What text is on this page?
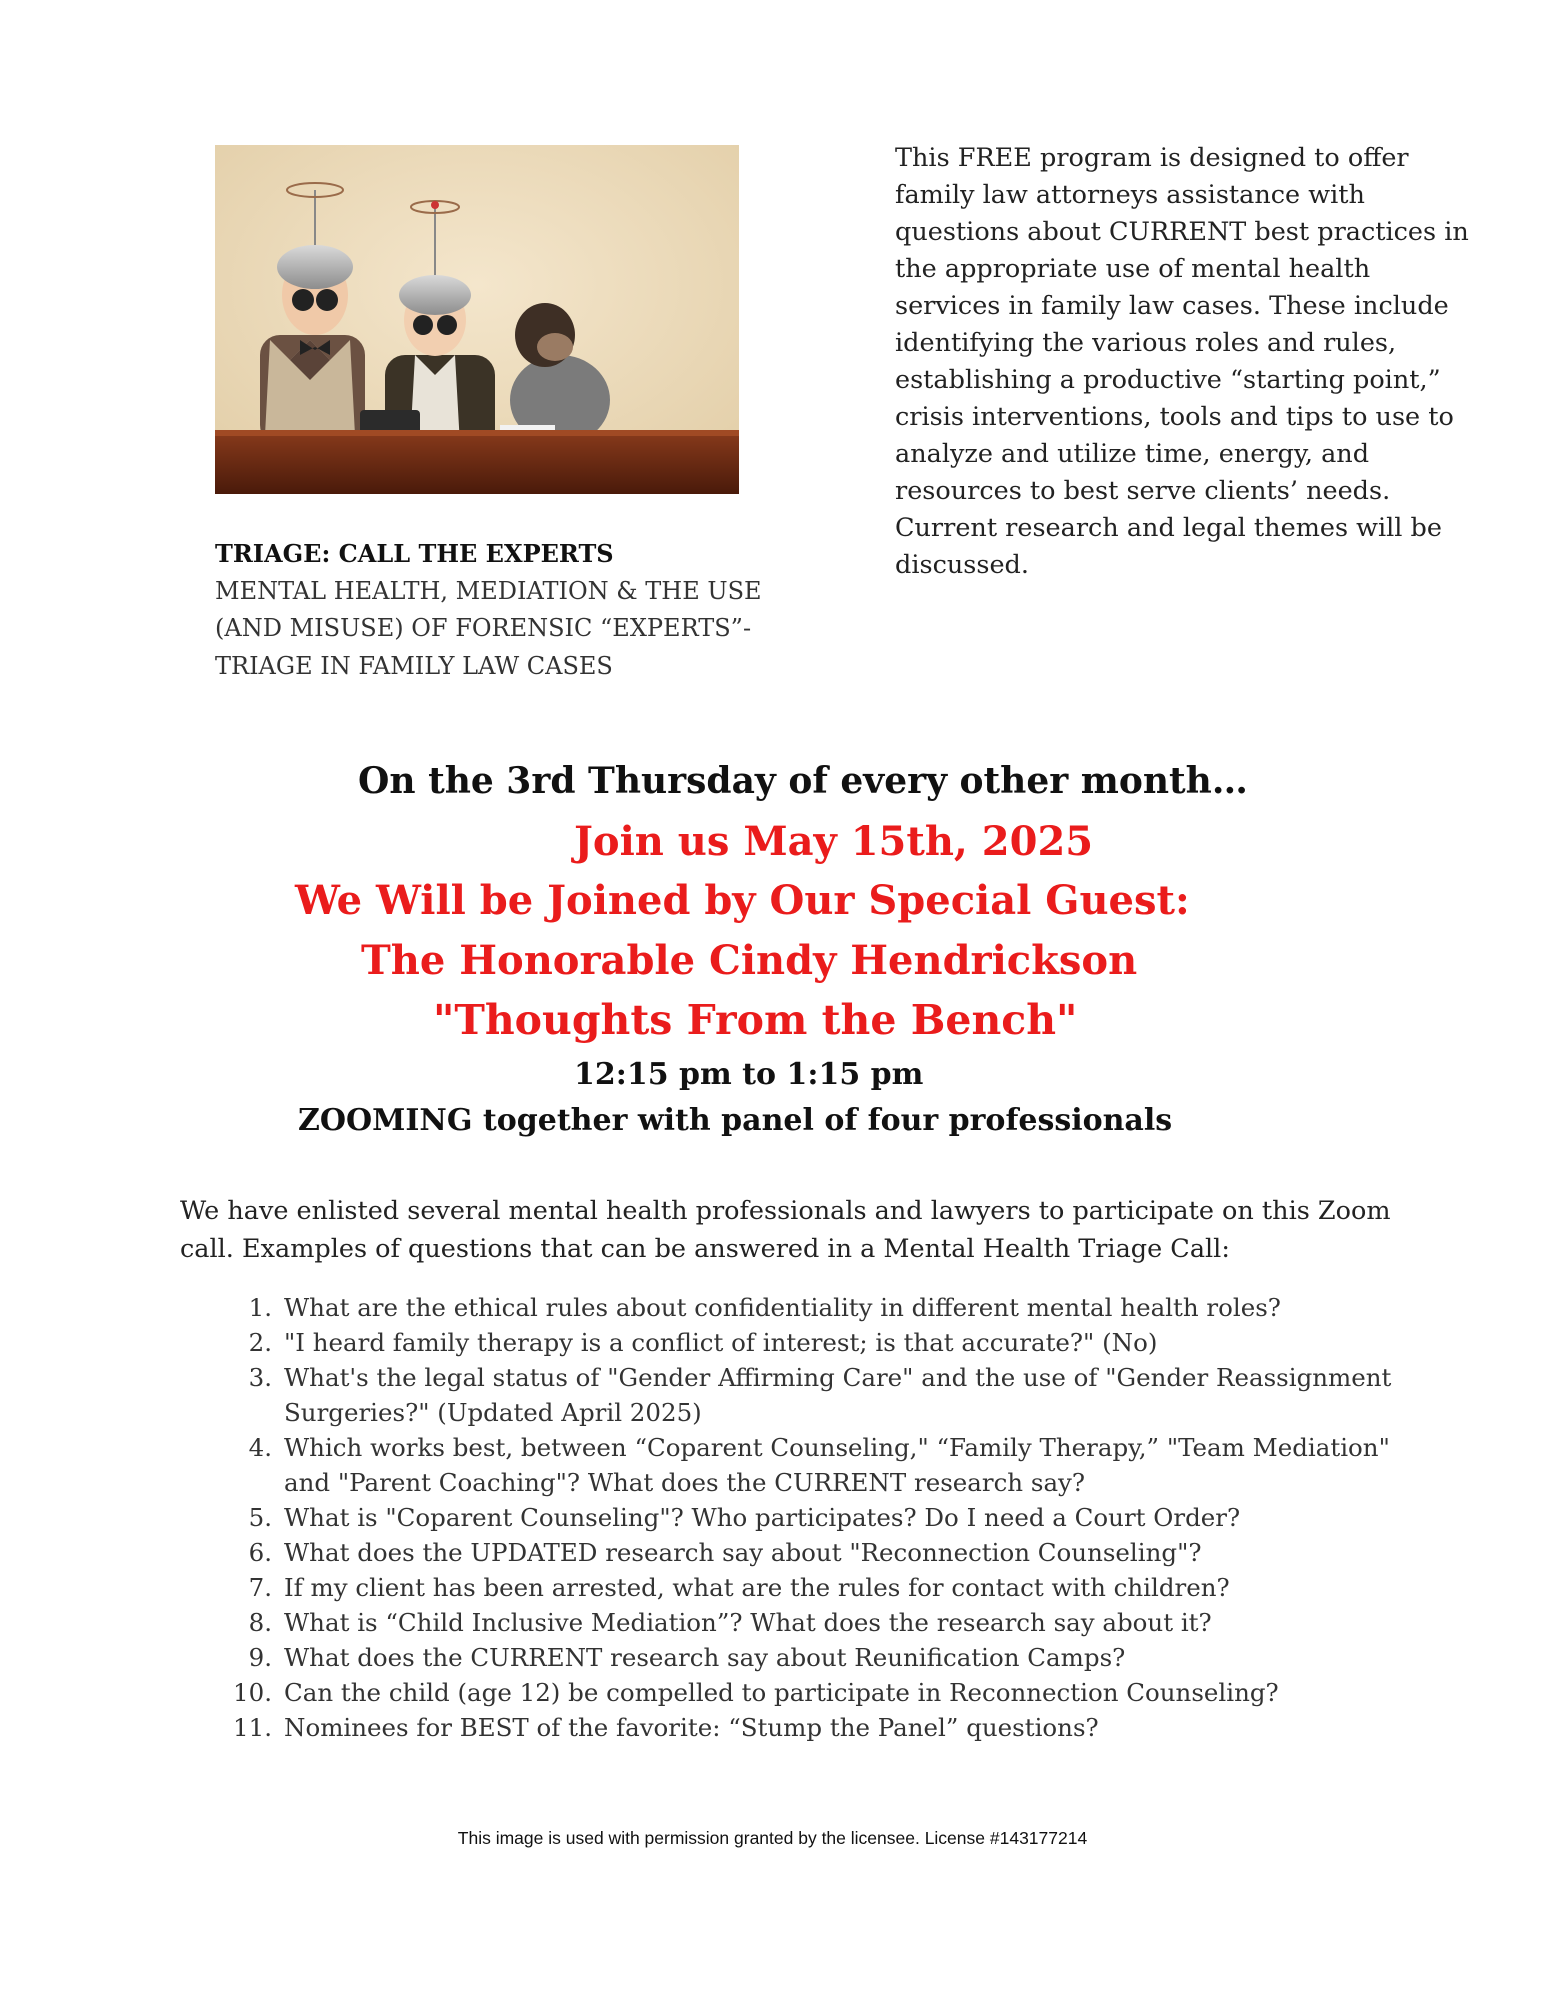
This FREE program is designed to offer family law attorneys assistance with questions about CURRENT best practices in the appropriate use of mental health services in family law cases. These include identifying the various roles and rules, establishing a productive “starting point,” crisis interventions, tools and tips to use to analyze and utilize time, energy, and resources to best serve clients’ needs. Current research and legal themes will be discussed.
TRIAGE: CALL THE EXPERTS
MENTAL HEALTH, MEDIATION & THE USE (AND MISUSE) OF FORENSIC “EXPERTS”- TRIAGE IN FAMILY LAW CASES
On the 3rd Thursday of every other month…
Join us May 15th, 2025
We Will be Joined by Our Special Guest:
The Honorable Cindy Hendrickson
"Thoughts From the Bench"
12:15 pm to 1:15 pm
ZOOMING together with panel of four professionals
We have enlisted several mental health professionals and lawyers to participate on this Zoom call. Examples of questions that can be answered in a Mental Health Triage Call:
1. What are the ethical rules about confidentiality in different mental health roles?
2. "I heard family therapy is a conflict of interest; is that accurate?" (No)
3. What's the legal status of "Gender Affirming Care" and the use of "Gender Reassignment Surgeries?" (Updated April 2025)
4. Which works best, between “Coparent Counseling," “Family Therapy,” "Team Mediation" and "Parent Coaching"? What does the CURRENT research say?
5. What is "Coparent Counseling"? Who participates? Do I need a Court Order?
6. What does the UPDATED research say about "Reconnection Counseling"?
7. If my client has been arrested, what are the rules for contact with children?
8. What is “Child Inclusive Mediation”? What does the research say about it?
9. What does the CURRENT research say about Reunification Camps?
10. Can the child (age 12) be compelled to participate in Reconnection Counseling?
11. Nominees for BEST of the favorite: “Stump the Panel” questions?
This image is used with permission granted by the licensee. License #143177214
